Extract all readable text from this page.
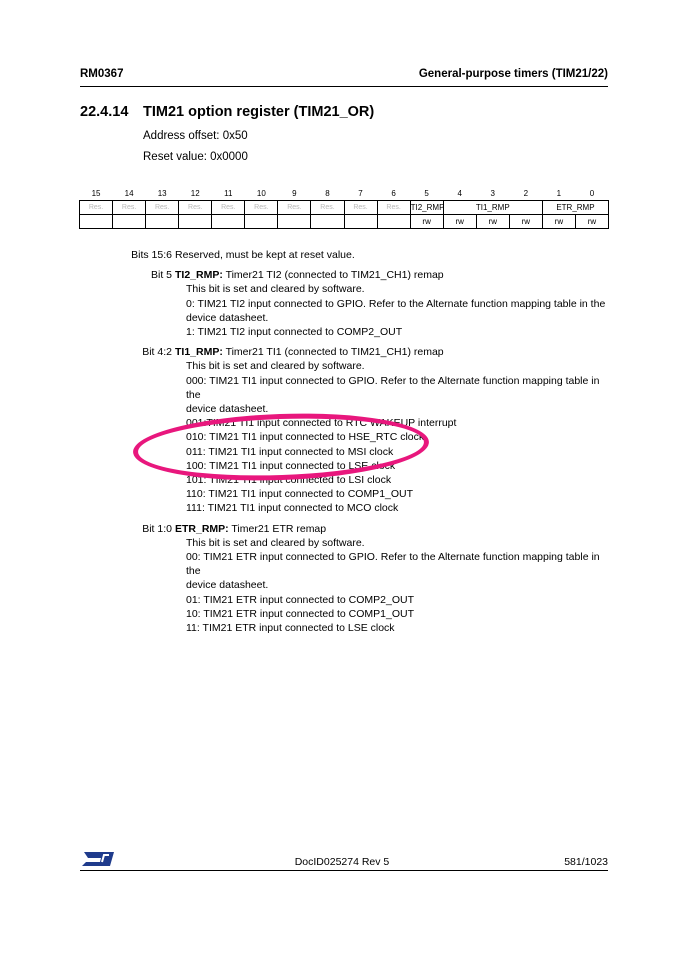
RM0367	General-purpose timers (TIM21/22)
22.4.14 TIM21 option register (TIM21_OR)
Address offset: 0x50
Reset value: 0x0000
15	14	13	12	11	10	9	8	7	6	5	4	3	2	1	0
Res.	Res.	Res.	Res.	Res.	Res.	Res.	Res.	Res.	Res.	TI2_RMP	TI1_RMP			ETR_RMP	
										rw	rw	rw	rw	rw	rw
Bits 15:6 Reserved, must be kept at reset value.
Bit 5 TI2_RMP: Timer21 TI2 (connected to TIM21_CH1) remap
This bit is set and cleared by software.
0: TIM21 TI2 input connected to GPIO. Refer to the Alternate function mapping table in the
device datasheet.
1: TIM21 TI2 input connected to COMP2_OUT
Bit 4:2 TI1_RMP: Timer21 TI1 (connected to TIM21_CH1) remap
This bit is set and cleared by software.
000: TIM21 TI1 input connected to GPIO. Refer to the Alternate function mapping table in the
device datasheet.
001:TIM21 TI1 input connected to RTC WAKEUP interrupt
010: TIM21 TI1 input connected to HSE_RTC clock
011: TIM21 TI1 input connected to MSI clock
100: TIM21 TI1 input connected to LSE clock
101: TIM21 TI1 input connected to LSI clock
110: TIM21 TI1 input connected to COMP1_OUT
111: TIM21 TI1 input connected to MCO clock
Bit 1:0 ETR_RMP: Timer21 ETR remap
This bit is set and cleared by software.
00: TIM21 ETR input connected to GPIO. Refer to the Alternate function mapping table in the
device datasheet.
01: TIM21 ETR input connected to COMP2_OUT
10: TIM21 ETR input connected to COMP1_OUT
11: TIM21 ETR input connected to LSE clock
DocID025274 Rev 5	581/1023
